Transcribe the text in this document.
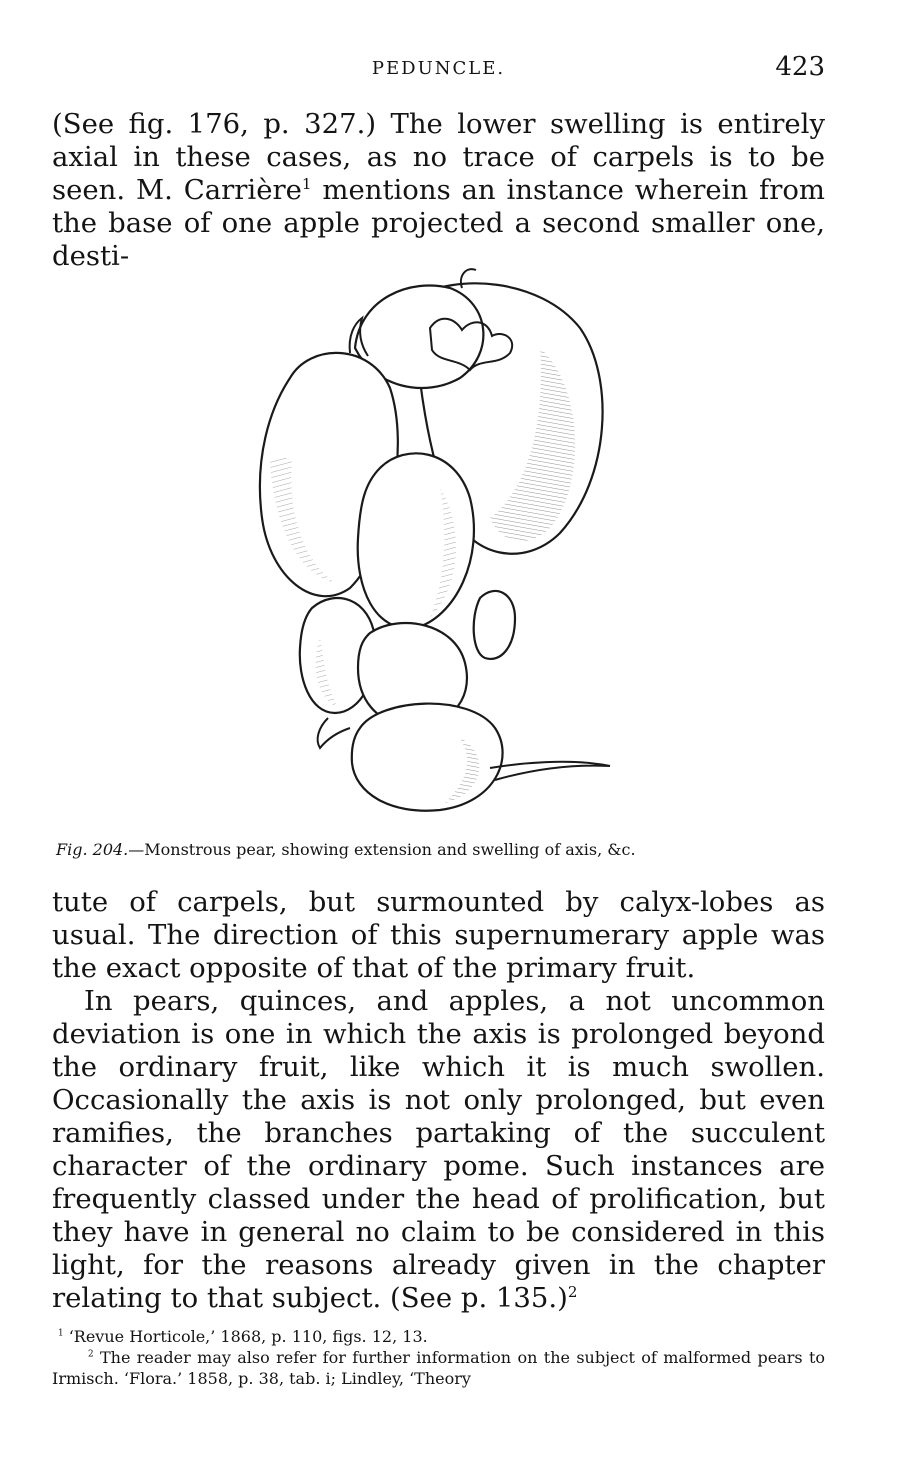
PEDUNCLE.	423

(See fig. 176, p. 327.) The lower swelling is entirely axial in these cases, as no trace of carpels is to be seen. M. Carrière$^1$ mentions an instance wherein from the base of one apple projected a second smaller one, desti-

Fig. 204.—Monstrous pear, showing extension and swelling of axis, &c.

tute of carpels, but surmounted by calyx-lobes as usual. The direction of this supernumerary apple was the exact opposite of that of the primary fruit.

In pears, quinces, and apples, a not uncommon deviation is one in which the axis is prolonged beyond the ordinary fruit, like which it is much swollen. Occasionally the axis is not only prolonged, but even ramifies, the branches partaking of the succulent character of the ordinary pome. Such instances are frequently classed under the head of prolification, but they have in general no claim to be considered in this light, for the reasons already given in the chapter relating to that subject. (See p. 135.)$^2$

$^1$ ‘Revue Horticole,’ 1868, p. 110, figs. 12, 13.

$^2$ The reader may also refer for further information on the subject of malformed pears to Irmisch. ‘Flora.’ 1858, p. 38, tab. i; Lindley, ‘Theory
